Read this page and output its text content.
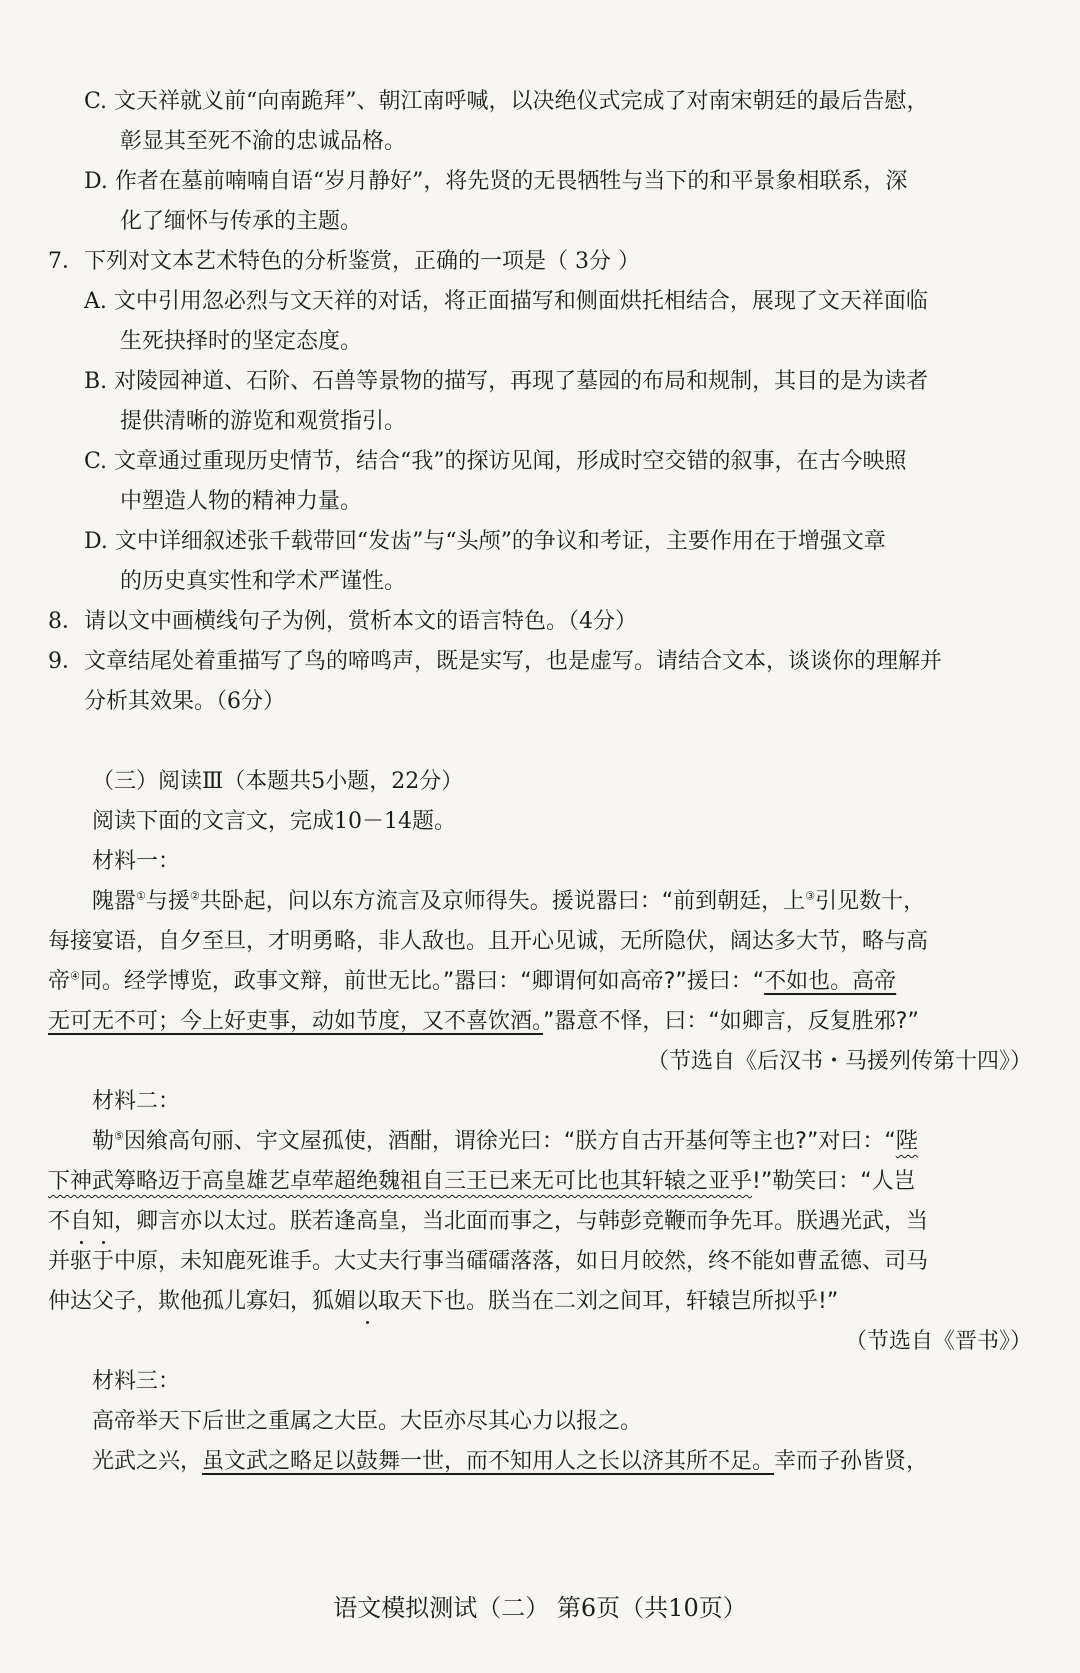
C. 文天祥就义前“向南跪拜”、朝江南呼喊，以决绝仪式完成了对南宋朝廷的最后告慰，
彰显其至死不渝的忠诚品格。
D. 作者在墓前喃喃自语“岁月静好”，将先贤的无畏牺牲与当下的和平景象相联系，深
化了缅怀与传承的主题。
7．下列对文本艺术特色的分析鉴赏，正确的一项是（ 3分 ）
A. 文中引用忽必烈与文天祥的对话，将正面描写和侧面烘托相结合，展现了文天祥面临
生死抉择时的坚定态度。
B. 对陵园神道、石阶、石兽等景物的描写，再现了墓园的布局和规制，其目的是为读者
提供清晰的游览和观赏指引。
C. 文章通过重现历史情节，结合“我”的探访见闻，形成时空交错的叙事，在古今映照
中塑造人物的精神力量。
D. 文中详细叙述张千载带回“发齿”与“头颅”的争议和考证，主要作用在于增强文章
的历史真实性和学术严谨性。
8．请以文中画横线句子为例，赏析本文的语言特色。（4分）
9．文章结尾处着重描写了鸟的啼鸣声，既是实写，也是虚写。请结合文本，谈谈你的理解并
分析其效果。（6分）
（三）阅读Ⅲ（本题共5小题，22分）
阅读下面的文言文，完成10－14题。
材料一：
隗嚣①与援②共卧起，问以东方流言及京师得失。援说嚣曰：“前到朝廷，上③引见数十，
每接宴语，自夕至旦，才明勇略，非人敌也。且开心见诚，无所隐伏，阔达多大节，略与高
帝④同。经学博览，政事文辩，前世无比。”嚣曰：“卿谓何如高帝?”援曰：“不如也。高帝
无可无不可；今上好吏事，动如节度，又不喜饮酒。”嚣意不怿，曰：“如卿言，反复胜邪?”
（节选自《后汉书・马援列传第十四》）
材料二：
勒⑤因飨高句丽、宇文屋孤使，酒酣，谓徐光曰：“朕方自古开基何等主也?”对曰：“陛
下神武筹略迈于高皇雄艺卓荦超绝魏祖自三王已来无可比也其轩辕之亚乎!”勒笑曰：“人岂
不自知，卿言亦以太过。朕若逢高皇，当北面而事之，与韩彭竞鞭而争先耳。朕遇光武，当
并驱于中原，未知鹿死谁手。大丈夫行事当礌礌落落，如日月皎然，终不能如曹孟德、司马
仲达父子，欺他孤儿寡妇，狐媚以取天下也。朕当在二刘之间耳，轩辕岂所拟乎!”
（节选自《晋书》）
材料三：
高帝举天下后世之重属之大臣。大臣亦尽其心力以报之。
光武之兴，虽文武之略足以鼓舞一世，而不知用人之长以济其所不足。幸而子孙皆贤，
语文模拟测试（二） 第6页（共10页）
